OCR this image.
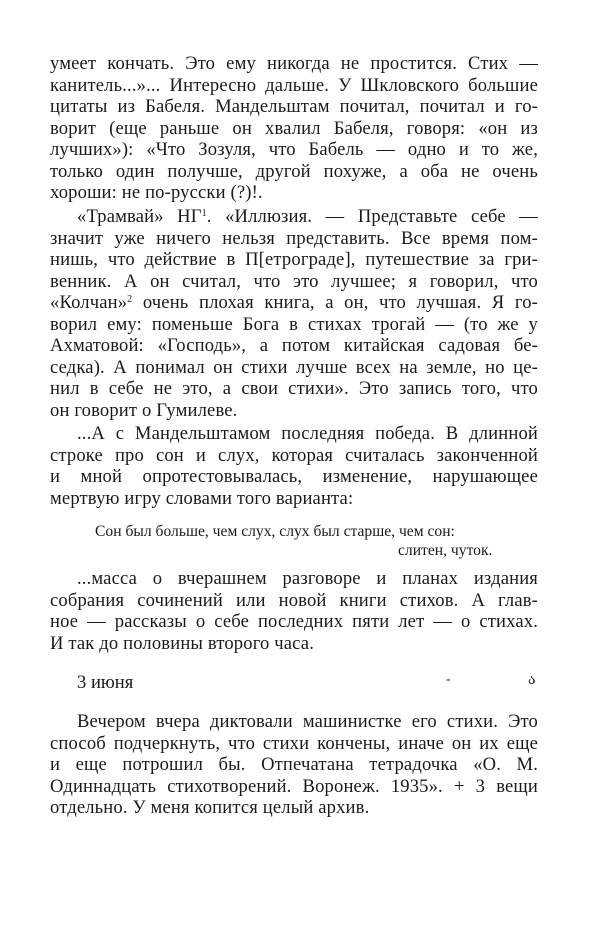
умеет кончать. Это ему никогда не простится. Стих —
канитель...»... Интересно дальше. У Шкловского большие
цитаты из Бабеля. Мандельштам почитал, почитал и го-
ворит (еще раньше он хвалил Бабеля, говоря: «он из
лучших»): «Что Зозуля, что Бабель — одно и то же,
только один получше, другой похуже, а оба не очень
хороши: не по-русски (?)!.
«Трамвай» $НГ^1$. «Иллюзия. — Представьте себе —
значит уже ничего нельзя представить. Все время пом-
нишь, что действие в П[етрограде], путешествие за гри-
венник. А он считал, что это лучшее; я говорил, что
«Колчан»$^2$ очень плохая книга, а он, что лучшая. Я го-
ворил ему: поменьше Бога в стихах трогай — (то же у
Ахматовой: «Господь», а потом китайская садовая бе-
седка). А понимал он стихи лучше всех на земле, но це-
нил в себе не это, а свои стихи». Это запись того, что
он говорит о Гумилеве.
...А с Мандельштамом последняя победа. В длинной
строке про сон и слух, которая считалась законченной
и мной опротестовывалась, изменение, нарушающее
мертвую игру словами того варианта:
Сон был больше, чем слух, слух был старше, чем сон:
слитен, чуток.
...масса о вчерашнем разговоре и планах издания
собрания сочинений или новой книги стихов. А глав-
ное — рассказы о себе последних пяти лет — о стихах.
И так до половины второго часа.
3 июня	-	ა
Вечером вчера диктовали машинистке его стихи. Это
способ подчеркнуть, что стихи кончены, иначе он их еще
и еще потрошил бы. Отпечатана тетрадочка «О. М.
Одиннадцать стихотворений. Воронеж. 1935». + 3 вещи
отдельно. У меня копится целый архив.
